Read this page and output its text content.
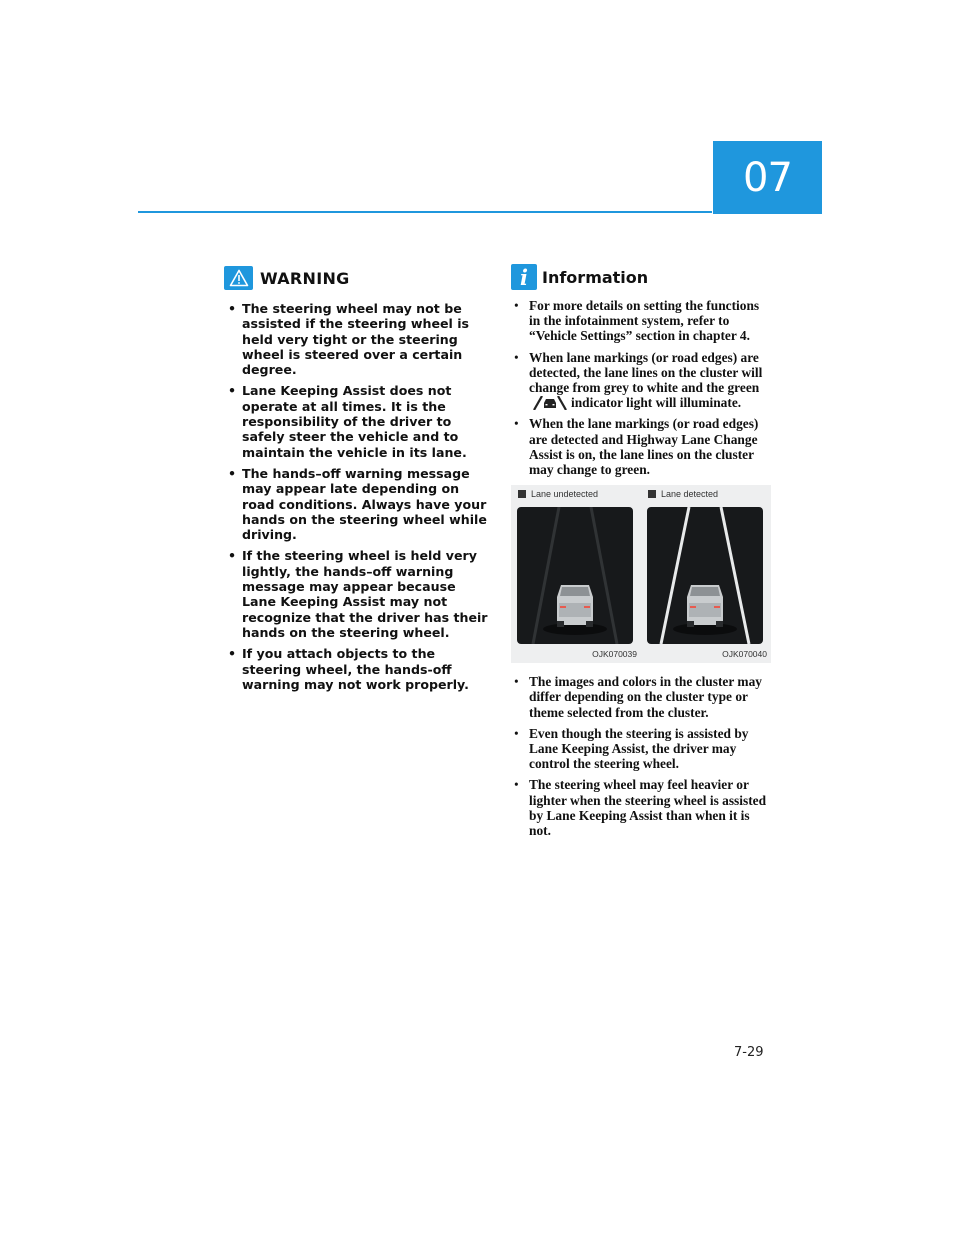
07
WARNING
• The steering wheel may not be assisted if the steering wheel is held very tight or the steering wheel is steered over a certain degree.
• Lane Keeping Assist does not operate at all times. It is the responsibility of the driver to safely steer the vehicle and to maintain the vehicle in its lane.
• The hands–off warning message may appear late depending on road conditions. Always have your hands on the steering wheel while driving.
• If the steering wheel is held very lightly, the hands–off warning message may appear because Lane Keeping Assist may not recognize that the driver has their hands on the steering wheel.
• If you attach objects to the steering wheel, the hands-off warning may not work properly.
i Information
• For more details on setting the functions in the infotainment system, refer to “Vehicle Settings” section in chapter 4.
• When lane markings (or road edges) are detected, the lane lines on the cluster will change from grey to white and the greenindicator light will illuminate.
• When the lane markings (or road edges) are detected and Highway Lane Change Assist is on, the lane lines on the cluster may change to green.
Lane undetected
OJK070039
Lane detected
OJK070040
• The images and colors in the cluster may differ depending on the cluster type or theme selected from the cluster.
• Even though the steering is assisted by Lane Keeping Assist, the driver may control the steering wheel.
• The steering wheel may feel heavier or lighter when the steering wheel is assisted by Lane Keeping Assist than when it is not.
7-29
